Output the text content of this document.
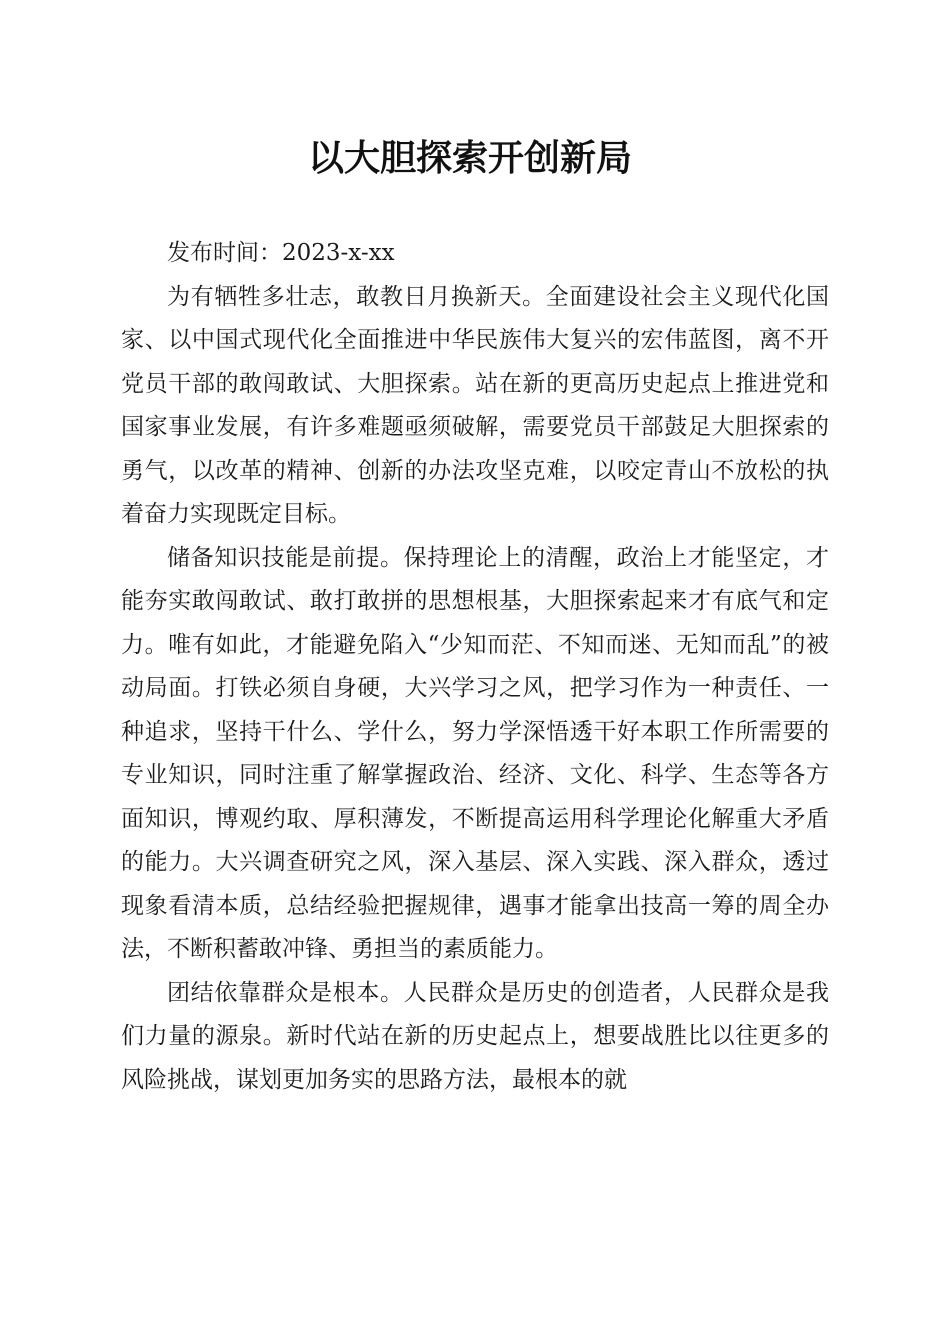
以大胆探索开创新局

发布时间：2023-x-xx

为有牺牲多壮志，敢教日月换新天。全面建设社会主义现代化国家、以中国式现代化全面推进中华民族伟大复兴的宏伟蓝图，离不开党员干部的敢闯敢试、大胆探索。站在新的更高历史起点上推进党和国家事业发展，有许多难题亟须破解，需要党员干部鼓足大胆探索的勇气，以改革的精神、创新的办法攻坚克难，以咬定青山不放松的执着奋力实现既定目标。

储备知识技能是前提。保持理论上的清醒，政治上才能坚定，才能夯实敢闯敢试、敢打敢拼的思想根基，大胆探索起来才有底气和定力。唯有如此，才能避免陷入“少知而茫、不知而迷、无知而乱”的被动局面。打铁必须自身硬，大兴学习之风，把学习作为一种责任、一种追求，坚持干什么、学什么，努力学深悟透干好本职工作所需要的专业知识，同时注重了解掌握政治、经济、文化、科学、生态等各方面知识，博观约取、厚积薄发，不断提高运用科学理论化解重大矛盾的能力。大兴调查研究之风，深入基层、深入实践、深入群众，透过现象看清本质，总结经验把握规律，遇事才能拿出技高一筹的周全办法，不断积蓄敢冲锋、勇担当的素质能力。

团结依靠群众是根本。人民群众是历史的创造者，人民群众是我们力量的源泉。新时代站在新的历史起点上，想要战胜比以往更多的风险挑战，谋划更加务实的思路方法，最根本的就
